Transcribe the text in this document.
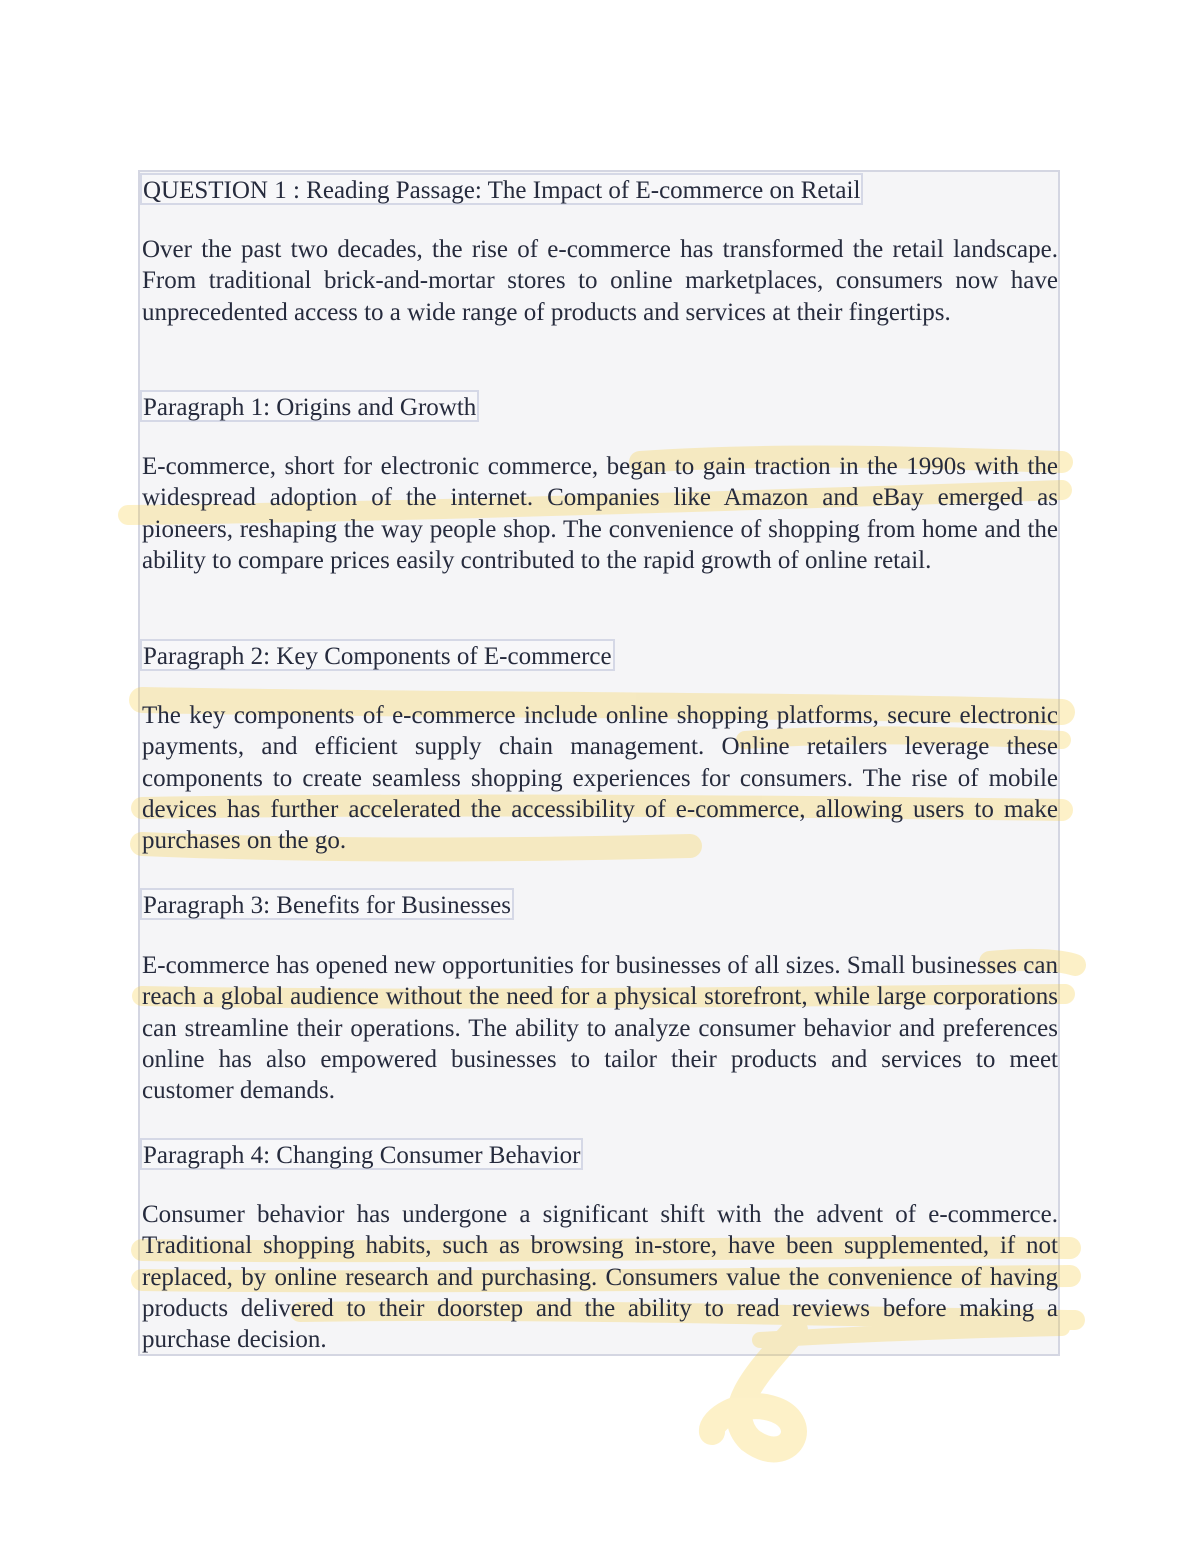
QUESTION 1 : Reading Passage: The Impact of E-commerce on Retail

Over the past two decades, the rise of e-commerce has transformed the retail landscape. From traditional brick-and-mortar stores to online marketplaces, consumers now have unprecedented access to a wide range of products and services at their fingertips.

Paragraph 1: Origins and Growth

E-commerce, short for electronic commerce, began to gain traction in the 1990s with the widespread adoption of the internet. Companies like Amazon and eBay emerged as pioneers, reshaping the way people shop. The convenience of shopping from home and the ability to compare prices easily contributed to the rapid growth of online retail.

Paragraph 2: Key Components of E-commerce

The key components of e-commerce include online shopping platforms, secure electronic payments, and efficient supply chain management. Online retailers leverage these components to create seamless shopping experiences for consumers. The rise of mobile devices has further accelerated the accessibility of e-commerce, allowing users to make purchases on the go.

Paragraph 3: Benefits for Businesses

E-commerce has opened new opportunities for businesses of all sizes. Small businesses can reach a global audience without the need for a physical storefront, while large corporations can streamline their operations. The ability to analyze consumer behavior and preferences online has also empowered businesses to tailor their products and services to meet customer demands.

Paragraph 4: Changing Consumer Behavior

Consumer behavior has undergone a significant shift with the advent of e-commerce. Traditional shopping habits, such as browsing in-store, have been supplemented, if not replaced, by online research and purchasing. Consumers value the convenience of having products delivered to their doorstep and the ability to read reviews before making a purchase decision.
